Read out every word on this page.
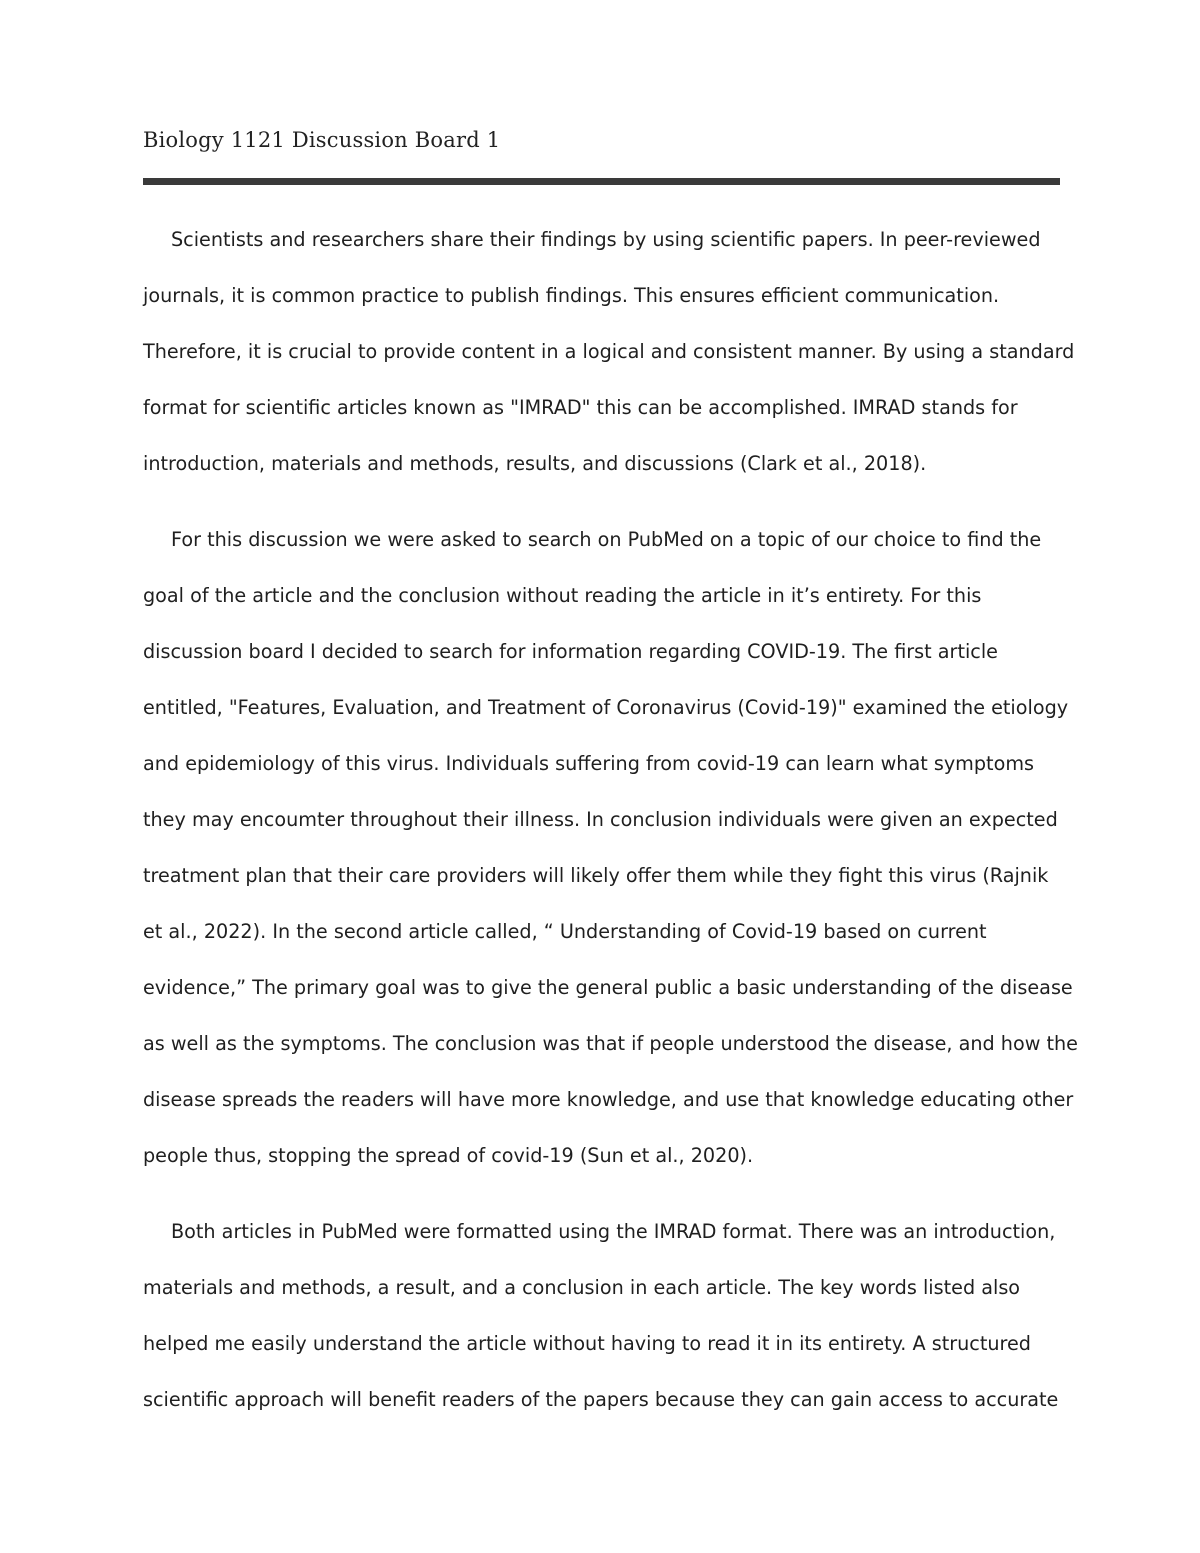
Biology 1121 Discussion Board 1
Scientists and researchers share their findings by using scientific papers. In peer-reviewed
journals, it is common practice to publish findings. This ensures efficient communication.
Therefore, it is crucial to provide content in a logical and consistent manner. By using a standard
format for scientific articles known as "IMRAD" this can be accomplished. IMRAD stands for
introduction, materials and methods, results, and discussions (Clark et al., 2018).
For this discussion we were asked to search on PubMed on a topic of our choice to find the
goal of the article and the conclusion without reading the article in it’s entirety. For this
discussion board I decided to search for information regarding COVID-19. The first article
entitled, "Features, Evaluation, and Treatment of Coronavirus (Covid-19)" examined the etiology
and epidemiology of this virus. Individuals suffering from covid-19 can learn what symptoms
they may encoumter throughout their illness. In conclusion individuals were given an expected
treatment plan that their care providers will likely offer them while they fight this virus (Rajnik
et al., 2022). In the second article called, “ Understanding of Covid-19 based on current
evidence,” The primary goal was to give the general public a basic understanding of the disease
as well as the symptoms. The conclusion was that if people understood the disease, and how the
disease spreads the readers will have more knowledge, and use that knowledge educating other
people thus, stopping the spread of covid-19 (Sun et al., 2020).
Both articles in PubMed were formatted using the IMRAD format. There was an introduction,
materials and methods, a result, and a conclusion in each article. The key words listed also
helped me easily understand the article without having to read it in its entirety. A structured
scientific approach will benefit readers of the papers because they can gain access to accurate
